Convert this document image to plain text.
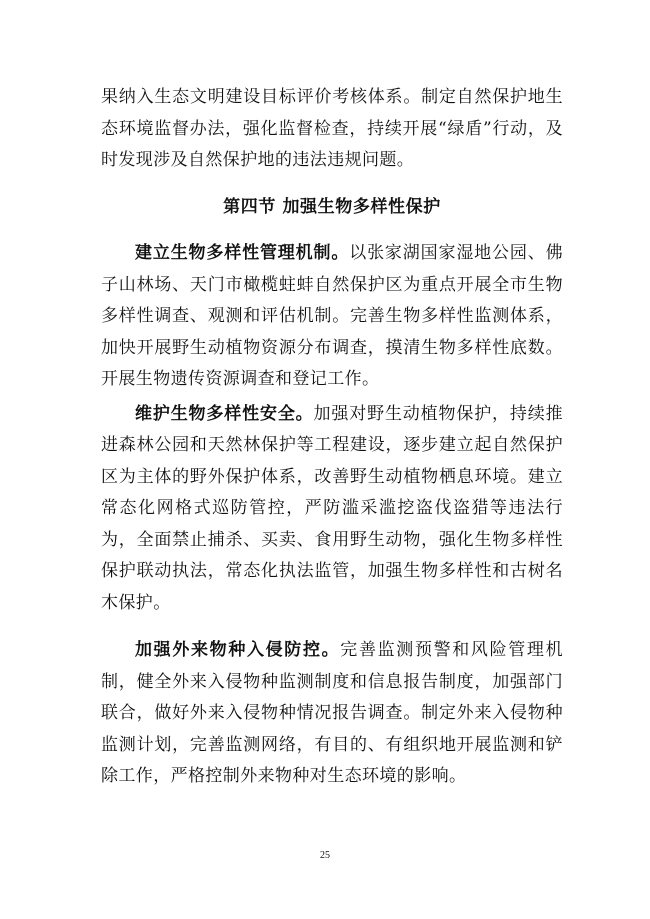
果纳入生态文明建设目标评价考核体系。制定自然保护地生态环境监督办法，强化监督检查，持续开展“绿盾”行动，及时发现涉及自然保护地的违法违规问题。

第四节 加强生物多样性保护

建立生物多样性管理机制。以张家湖国家湿地公园、佛子山林场、天门市橄榄蛀蚌自然保护区为重点开展全市生物多样性调查、观测和评估机制。完善生物多样性监测体系，加快开展野生动植物资源分布调查，摸清生物多样性底数。开展生物遗传资源调查和登记工作。

维护生物多样性安全。加强对野生动植物保护，持续推进森林公园和天然林保护等工程建设，逐步建立起自然保护区为主体的野外保护体系，改善野生动植物栖息环境。建立常态化网格式巡防管控，严防滥采滥挖盗伐盗猎等违法行为，全面禁止捕杀、买卖、食用野生动物，强化生物多样性保护联动执法，常态化执法监管，加强生物多样性和古树名木保护。

加强外来物种入侵防控。完善监测预警和风险管理机制，健全外来入侵物种监测制度和信息报告制度，加强部门联合，做好外来入侵物种情况报告调查。制定外来入侵物种监测计划，完善监测网络，有目的、有组织地开展监测和铲除工作，严格控制外来物种对生态环境的影响。

25
